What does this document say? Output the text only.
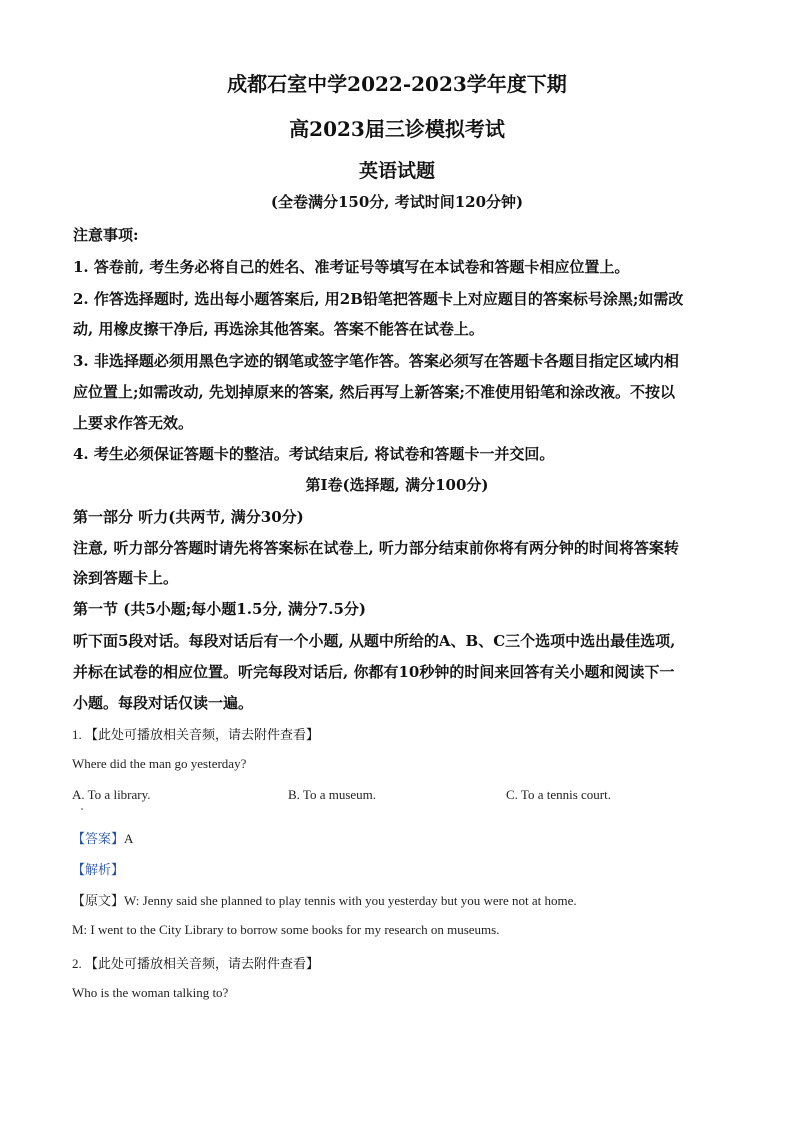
成都石室中学2022-2023学年度下期
高2023届三诊模拟考试
英语试题
(全卷满分150分, 考试时间120分钟)
注意事项:
1. 答卷前, 考生务必将自己的姓名、准考证号等填写在本试卷和答题卡相应位置上。
2. 作答选择题时, 选出每小题答案后, 用2B铅笔把答题卡上对应题目的答案标号涂黑;如需改
动, 用橡皮擦干净后, 再选涂其他答案。答案不能答在试卷上。
3. 非选择题必须用黑色字迹的钢笔或签字笔作答。答案必须写在答题卡各题目指定区域内相
应位置上;如需改动, 先划掉原来的答案, 然后再写上新答案;不准使用铅笔和涂改液。不按以
上要求作答无效。
4. 考生必须保证答题卡的整洁。考试结束后, 将试卷和答题卡一并交回。
第I卷(选择题, 满分100分)
第一部分 听力(共两节, 满分30分)
注意, 听力部分答题时请先将答案标在试卷上, 听力部分结束前你将有两分钟的时间将答案转
涂到答题卡上。
第一节 (共5小题;每小题1.5分, 满分7.5分)
听下面5段对话。每段对话后有一个小题, 从题中所给的A、B、C三个选项中选出最佳选项,
并标在试卷的相应位置。听完每段对话后, 你都有10秒钟的时间来回答有关小题和阅读下一
小题。每段对话仅读一遍。
1. 【此处可播放相关音频，请去附件查看】
Where did the man go yesterday?
A. To a library.	B. To a museum.	C. To a tennis court.
【答案】A
【解析】
【原文】W: Jenny said she planned to play tennis with you yesterday but you were not at home.
M: I went to the City Library to borrow some books for my research on museums.
2. 【此处可播放相关音频，请去附件查看】
Who is the woman talking to?
